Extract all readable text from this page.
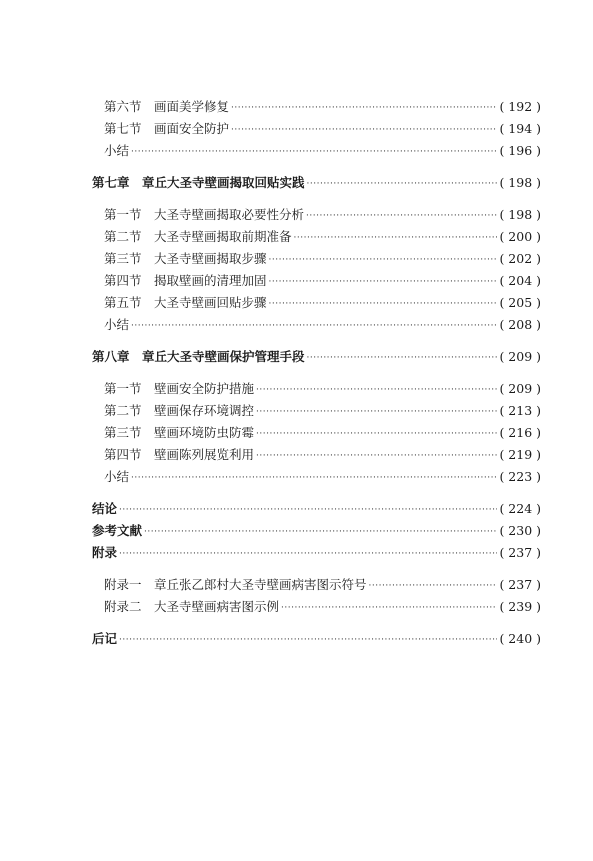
第六节 画面美学修复 ·····	( 192 )
第七节 画面安全防护 ·····	( 194 )
小结 ·····	( 196 )
第七章 章丘大圣寺壁画揭取回贴实践 ·····	( 198 )
第一节 大圣寺壁画揭取必要性分析 ·····	( 198 )
第二节 大圣寺壁画揭取前期准备 ·····	( 200 )
第三节 大圣寺壁画揭取步骤 ·····	( 202 )
第四节 揭取壁画的清理加固 ·····	( 204 )
第五节 大圣寺壁画回贴步骤 ·····	( 205 )
小结 ·····	( 208 )
第八章 章丘大圣寺壁画保护管理手段 ·····	( 209 )
第一节 壁画安全防护措施 ·····	( 209 )
第二节 壁画保存环境调控 ·····	( 213 )
第三节 壁画环境防虫防霉 ·····	( 216 )
第四节 壁画陈列展览利用 ·····	( 219 )
小结 ·····	( 223 )
结论 ·····	( 224 )
参考文献 ·····	( 230 )
附录 ·····	( 237 )
附录一 章丘张乙郎村大圣寺壁画病害图示符号 ·····	( 237 )
附录二 大圣寺壁画病害图示例 ·····	( 239 )
后记 ·····	( 240 )
